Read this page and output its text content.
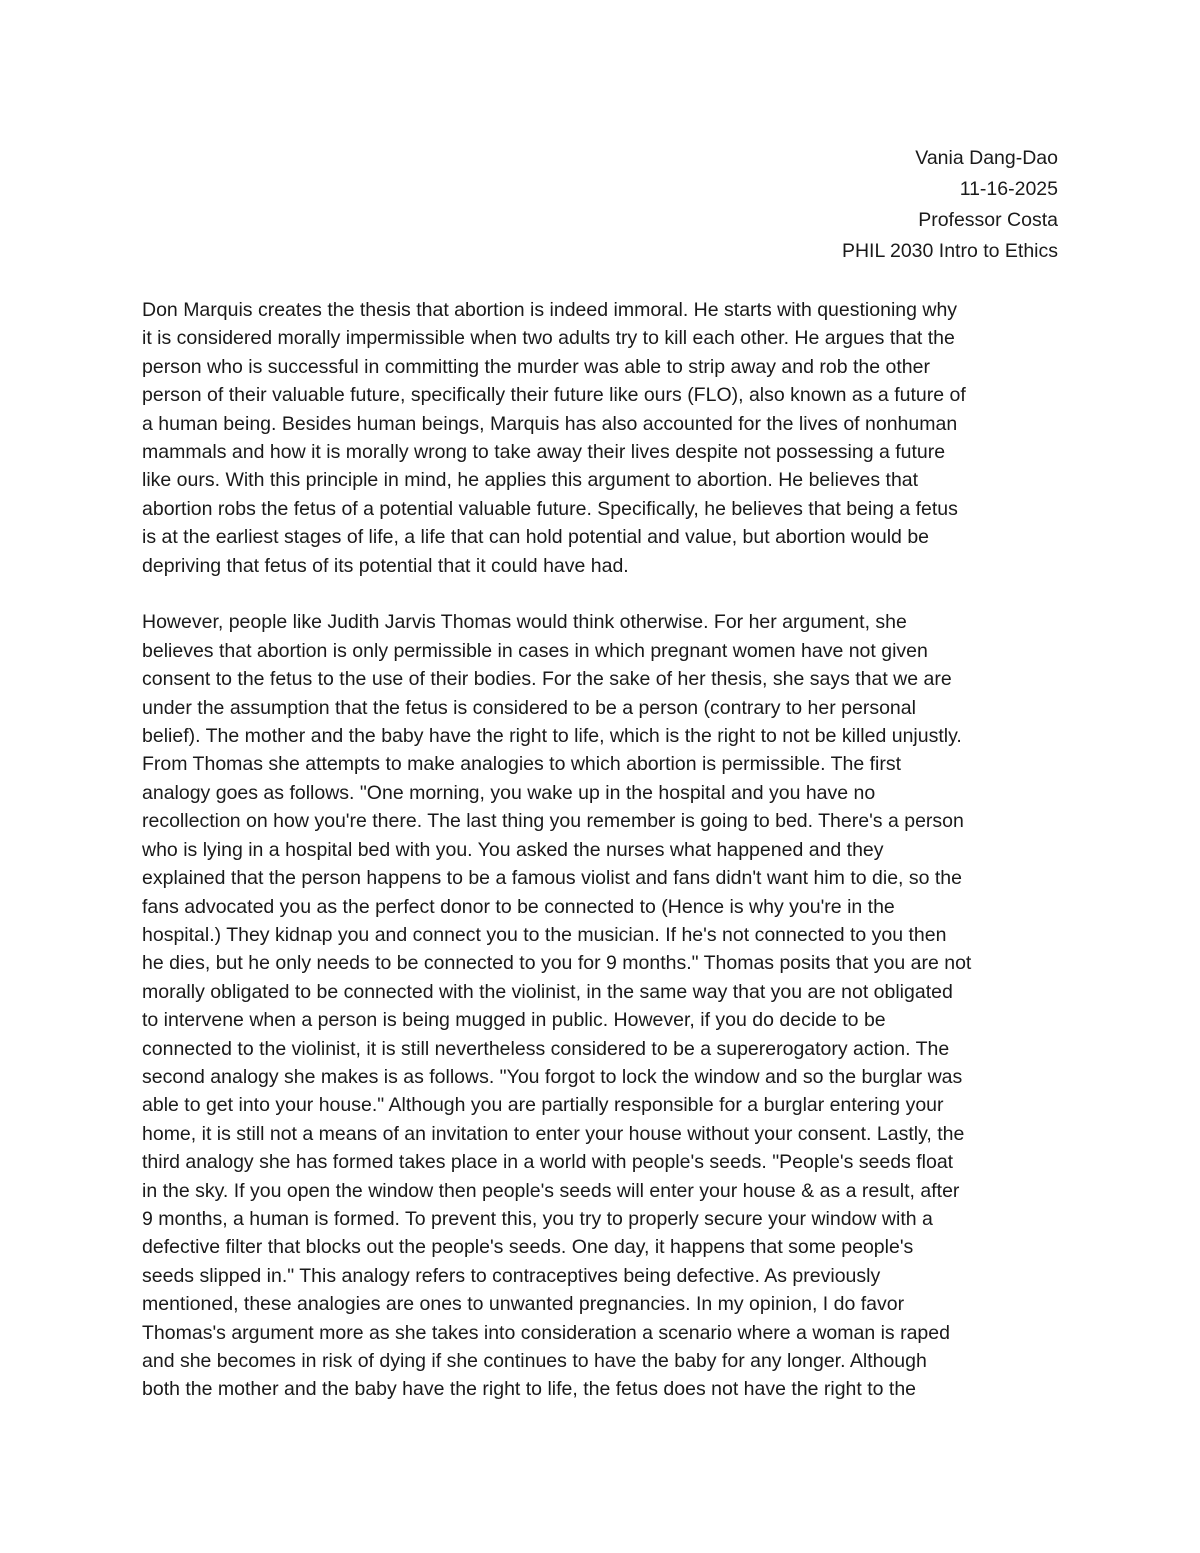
Vania Dang-Dao
11-16-2025
Professor Costa
PHIL 2030 Intro to Ethics
Don Marquis creates the thesis that abortion is indeed immoral. He starts with questioning why
it is considered morally impermissible when two adults try to kill each other. He argues that the
person who is successful in committing the murder was able to strip away and rob the other
person of their valuable future, specifically their future like ours (FLO), also known as a future of
a human being. Besides human beings, Marquis has also accounted for the lives of nonhuman
mammals and how it is morally wrong to take away their lives despite not possessing a future
like ours. With this principle in mind, he applies this argument to abortion. He believes that
abortion robs the fetus of a potential valuable future. Specifically, he believes that being a fetus
is at the earliest stages of life, a life that can hold potential and value, but abortion would be
depriving that fetus of its potential that it could have had.
However, people like Judith Jarvis Thomas would think otherwise. For her argument, she
believes that abortion is only permissible in cases in which pregnant women have not given
consent to the fetus to the use of their bodies. For the sake of her thesis, she says that we are
under the assumption that the fetus is considered to be a person (contrary to her personal
belief). The mother and the baby have the right to life, which is the right to not be killed unjustly.
From Thomas she attempts to make analogies to which abortion is permissible. The first
analogy goes as follows. "One morning, you wake up in the hospital and you have no
recollection on how you're there. The last thing you remember is going to bed. There's a person
who is lying in a hospital bed with you. You asked the nurses what happened and they
explained that the person happens to be a famous violist and fans didn't want him to die, so the
fans advocated you as the perfect donor to be connected to (Hence is why you're in the
hospital.) They kidnap you and connect you to the musician. If he's not connected to you then
he dies, but he only needs to be connected to you for 9 months." Thomas posits that you are not
morally obligated to be connected with the violinist, in the same way that you are not obligated
to intervene when a person is being mugged in public. However, if you do decide to be
connected to the violinist, it is still nevertheless considered to be a supererogatory action. The
second analogy she makes is as follows. "You forgot to lock the window and so the burglar was
able to get into your house." Although you are partially responsible for a burglar entering your
home, it is still not a means of an invitation to enter your house without your consent. Lastly, the
third analogy she has formed takes place in a world with people's seeds. "People's seeds float
in the sky. If you open the window then people's seeds will enter your house & as a result, after
9 months, a human is formed. To prevent this, you try to properly secure your window with a
defective filter that blocks out the people's seeds. One day, it happens that some people's
seeds slipped in." This analogy refers to contraceptives being defective. As previously
mentioned, these analogies are ones to unwanted pregnancies. In my opinion, I do favor
Thomas's argument more as she takes into consideration a scenario where a woman is raped
and she becomes in risk of dying if she continues to have the baby for any longer. Although
both the mother and the baby have the right to life, the fetus does not have the right to the
